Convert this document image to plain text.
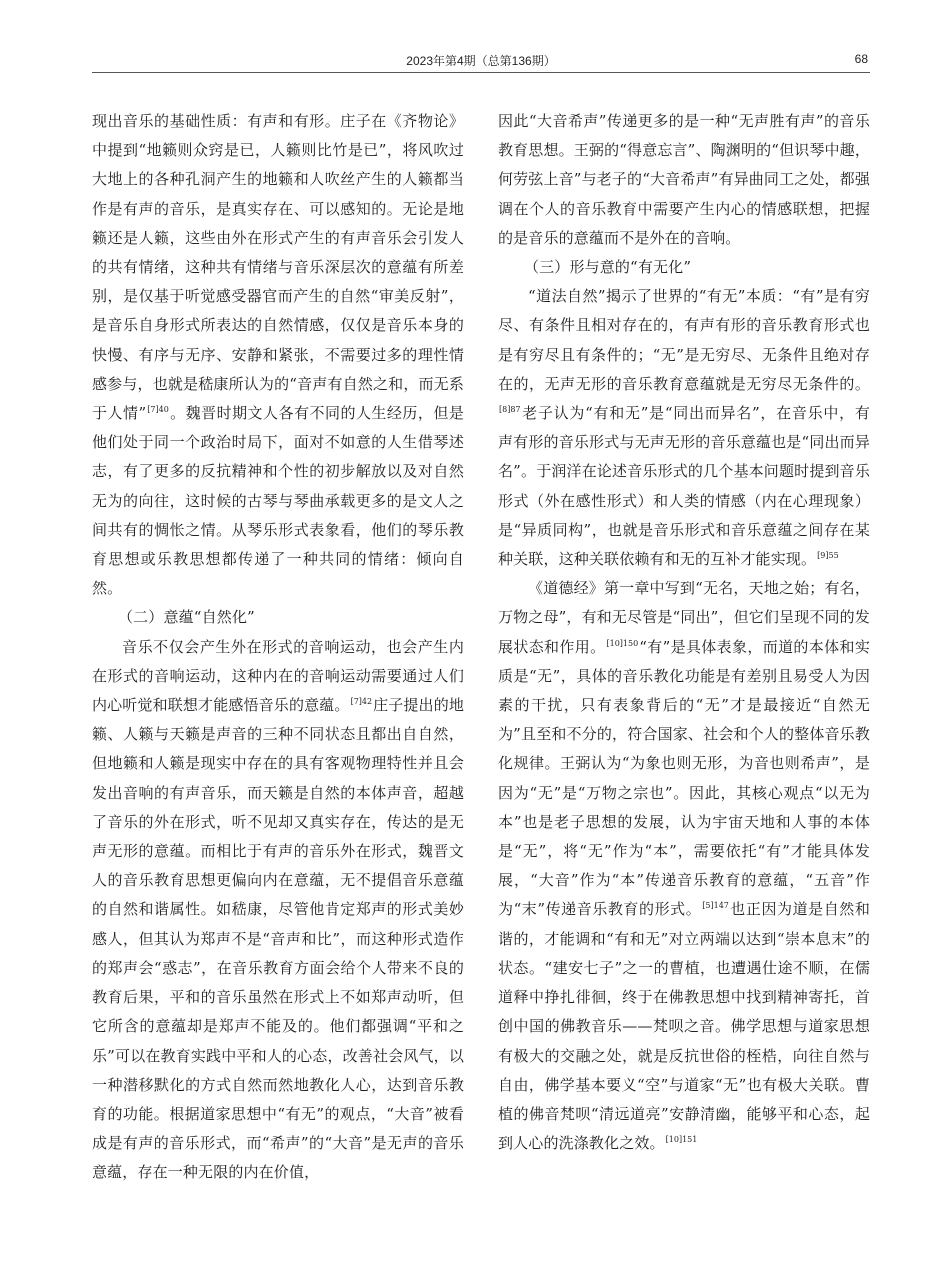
2023年第4期（总第136期）	68

现出音乐的基础性质：有声和有形。庄子在《齐物论》中提到“地籁则众窍是已，人籁则比竹是已”，将风吹过大地上的各种孔洞产生的地籁和人吹丝产生的人籁都当作是有声的音乐，是真实存在、可以感知的。无论是地籁还是人籁，这些由外在形式产生的有声音乐会引发人的共有情绪，这种共有情绪与音乐深层次的意蕴有所差别，是仅基于听觉感受器官而产生的自然“审美反射”，是音乐自身形式所表达的自然情感，仅仅是音乐本身的快慢、有序与无序、安静和紧张，不需要过多的理性情感参与，也就是嵇康所认为的“音声有自然之和，而无系于人情”$^{[7]40}$。魏晋时期文人各有不同的人生经历，但是他们处于同一个政治时局下，面对不如意的人生借琴述志，有了更多的反抗精神和个性的初步解放以及对自然无为的向往，这时候的古琴与琴曲承载更多的是文人之间共有的惆怅之情。从琴乐形式表象看，他们的琴乐教育思想或乐教思想都传递了一种共同的情绪：倾向自然。

（二）意蕴“自然化”

音乐不仅会产生外在形式的音响运动，也会产生内在形式的音响运动，这种内在的音响运动需要通过人们内心听觉和联想才能感悟音乐的意蕴。$^{[7]42}$庄子提出的地籁、人籁与天籁是声音的三种不同状态且都出自自然，但地籁和人籁是现实中存在的具有客观物理特性并且会发出音响的有声音乐，而天籁是自然的本体声音，超越了音乐的外在形式，听不见却又真实存在，传达的是无声无形的意蕴。而相比于有声的音乐外在形式，魏晋文人的音乐教育思想更偏向内在意蕴，无不提倡音乐意蕴的自然和谐属性。如嵇康，尽管他肯定郑声的形式美妙感人，但其认为郑声不是“音声和比”，而这种形式造作的郑声会“惑志”，在音乐教育方面会给个人带来不良的教育后果，平和的音乐虽然在形式上不如郑声动听，但它所含的意蕴却是郑声不能及的。他们都强调“平和之乐”可以在教育实践中平和人的心态，改善社会风气，以一种潜移默化的方式自然而然地教化人心，达到音乐教育的功能。根据道家思想中“有无”的观点，“大音”被看成是有声的音乐形式，而“希声”的“大音”是无声的音乐意蕴，存在一种无限的内在价值，

因此“大音希声”传递更多的是一种“无声胜有声”的音乐教育思想。王弼的“得意忘言”、陶渊明的“但识琴中趣，何劳弦上音”与老子的“大音希声”有异曲同工之处，都强调在个人的音乐教育中需要产生内心的情感联想，把握的是音乐的意蕴而不是外在的音响。

（三）形与意的“有无化”

“道法自然”揭示了世界的“有无”本质：“有”是有穷尽、有条件且相对存在的，有声有形的音乐教育形式也是有穷尽且有条件的；“无”是无穷尽、无条件且绝对存在的，无声无形的音乐教育意蕴就是无穷尽无条件的。$^{[8]87}$老子认为“有和无”是“同出而异名”，在音乐中，有声有形的音乐形式与无声无形的音乐意蕴也是“同出而异名”。于润洋在论述音乐形式的几个基本问题时提到音乐形式（外在感性形式）和人类的情感（内在心理现象）是“异质同构”，也就是音乐形式和音乐意蕴之间存在某种关联，这种关联依赖有和无的互补才能实现。$^{[9]55}$

《道德经》第一章中写到“无名，天地之始；有名，万物之母”，有和无尽管是“同出”，但它们呈现不同的发展状态和作用。$^{[10]150}$“有”是具体表象，而道的本体和实质是“无”，具体的音乐教化功能是有差别且易受人为因素的干扰，只有表象背后的“无”才是最接近“自然无为”且至和不分的，符合国家、社会和个人的整体音乐教化规律。王弼认为“为象也则无形，为音也则希声”，是因为“无”是“万物之宗也”。因此，其核心观点“以无为本”也是老子思想的发展，认为宇宙天地和人事的本体是“无”，将“无”作为“本”，需要依托“有”才能具体发展，“大音”作为“本”传递音乐教育的意蕴，“五音”作为“末”传递音乐教育的形式。$^{[5]147}$也正因为道是自然和谐的，才能调和“有和无”对立两端以达到“崇本息末”的状态。“建安七子”之一的曹植，也遭遇仕途不顺，在儒道释中挣扎徘徊，终于在佛教思想中找到精神寄托，首创中国的佛教音乐——梵呗之音。佛学思想与道家思想有极大的交融之处，就是反抗世俗的桎梏，向往自然与自由，佛学基本要义“空”与道家“无”也有极大关联。曹植的佛音梵呗“清远道亮”安静清幽，能够平和心态，起到人心的洗涤教化之效。$^{[10]151}$
